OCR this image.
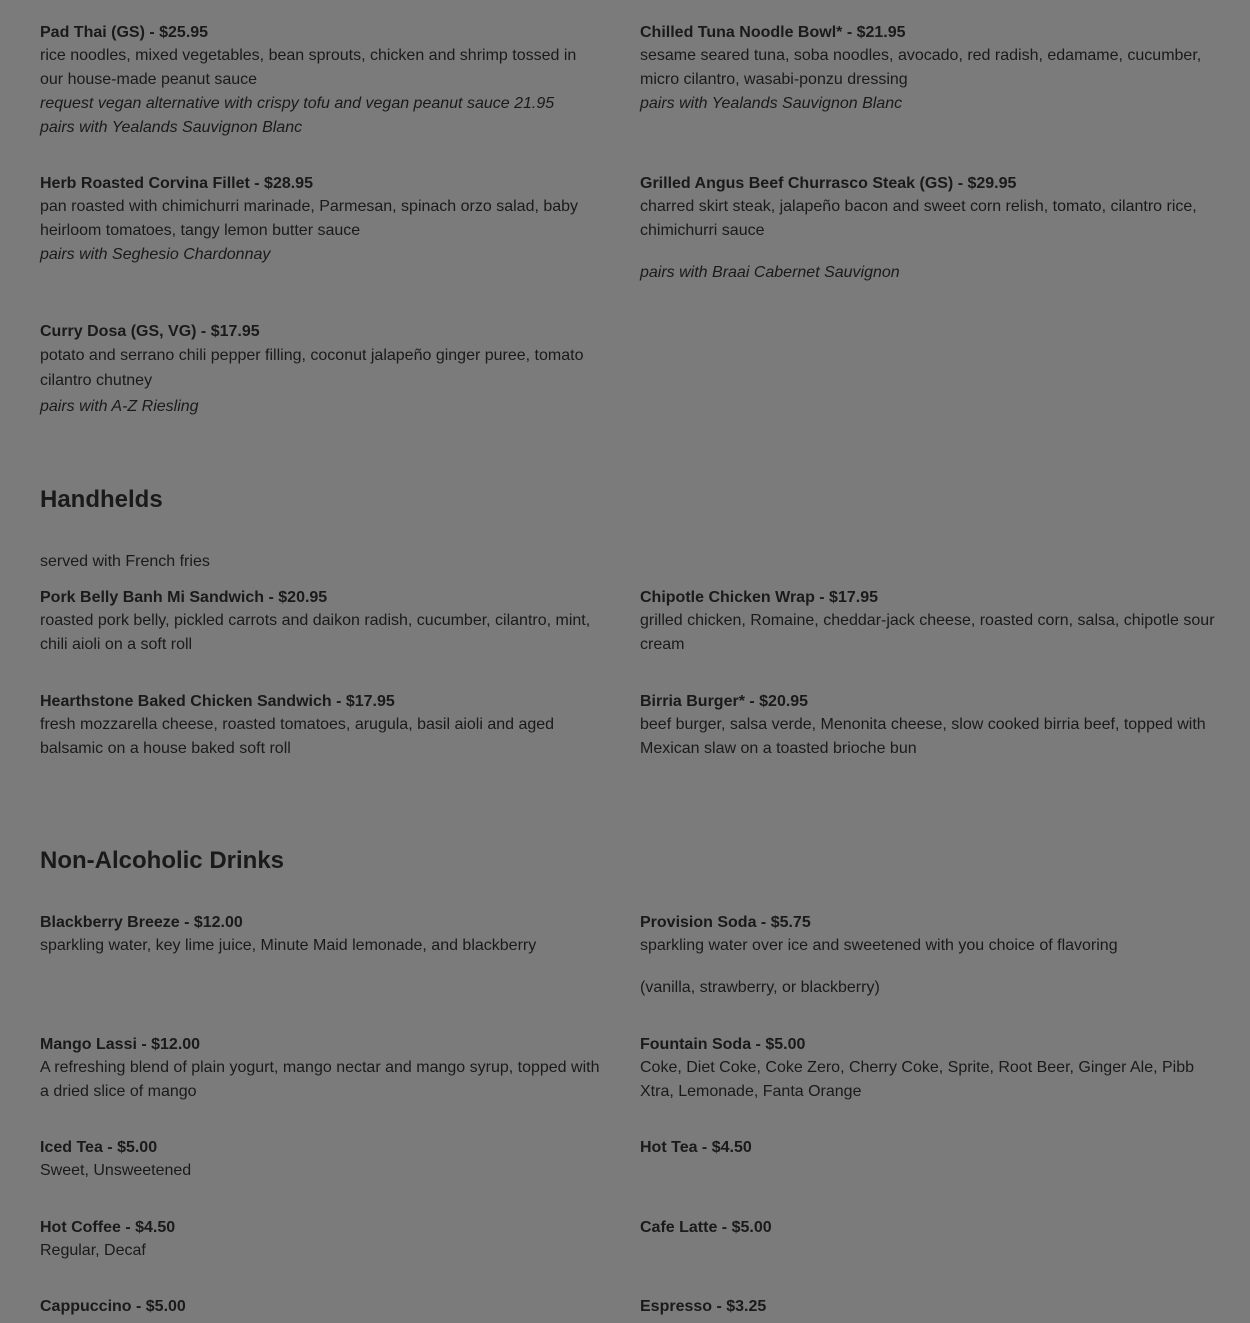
Pad Thai (GS) - $25.95

rice noodles, mixed vegetables, bean sprouts, chicken and shrimp tossed in our house-made peanut sauce

request vegan alternative with crispy tofu and vegan peanut sauce 21.95

pairs with Yealands Sauvignon Blanc

Chilled Tuna Noodle Bowl* - $21.95

sesame seared tuna, soba noodles, avocado, red radish, edamame, cucumber, micro cilantro, wasabi-ponzu dressing

pairs with Yealands Sauvignon Blanc

Herb Roasted Corvina Fillet - $28.95

pan roasted with chimichurri marinade, Parmesan, spinach orzo salad, baby heirloom tomatoes, tangy lemon butter sauce

pairs with Seghesio Chardonnay

Grilled Angus Beef Churrasco Steak (GS) - $29.95

charred skirt steak, jalapeño bacon and sweet corn relish, tomato, cilantro rice, chimichurri sauce

pairs with Braai Cabernet Sauvignon

Curry Dosa (GS, VG) - $17.95

potato and serrano chili pepper filling, coconut jalapeño ginger puree, tomato cilantro chutney

pairs with A-Z Riesling

Handhelds

served with French fries

Pork Belly Banh Mi Sandwich - $20.95

roasted pork belly, pickled carrots and daikon radish, cucumber, cilantro, mint, chili aioli on a soft roll

Chipotle Chicken Wrap - $17.95

grilled chicken, Romaine, cheddar-jack cheese, roasted corn, salsa, chipotle sour cream

Hearthstone Baked Chicken Sandwich - $17.95

fresh mozzarella cheese, roasted tomatoes, arugula, basil aioli and aged balsamic on a house baked soft roll

Birria Burger* - $20.95

beef burger, salsa verde, Menonita cheese, slow cooked birria beef, topped with Mexican slaw on a toasted brioche bun

Non-Alcoholic Drinks

Blackberry Breeze - $12.00

sparkling water, key lime juice, Minute Maid lemonade, and blackberry

Provision Soda - $5.75

sparkling water over ice and sweetened with you choice of flavoring

(vanilla, strawberry, or blackberry)

Mango Lassi - $12.00

A refreshing blend of plain yogurt, mango nectar and mango syrup, topped with a dried slice of mango

Fountain Soda - $5.00

Coke, Diet Coke, Coke Zero, Cherry Coke, Sprite, Root Beer, Ginger Ale, Pibb Xtra, Lemonade, Fanta Orange

Iced Tea - $5.00

Sweet, Unsweetened

Hot Tea - $4.50

Hot Coffee - $4.50

Regular, Decaf

Cafe Latte - $5.00

Cappuccino - $5.00	Espresso - $3.25
